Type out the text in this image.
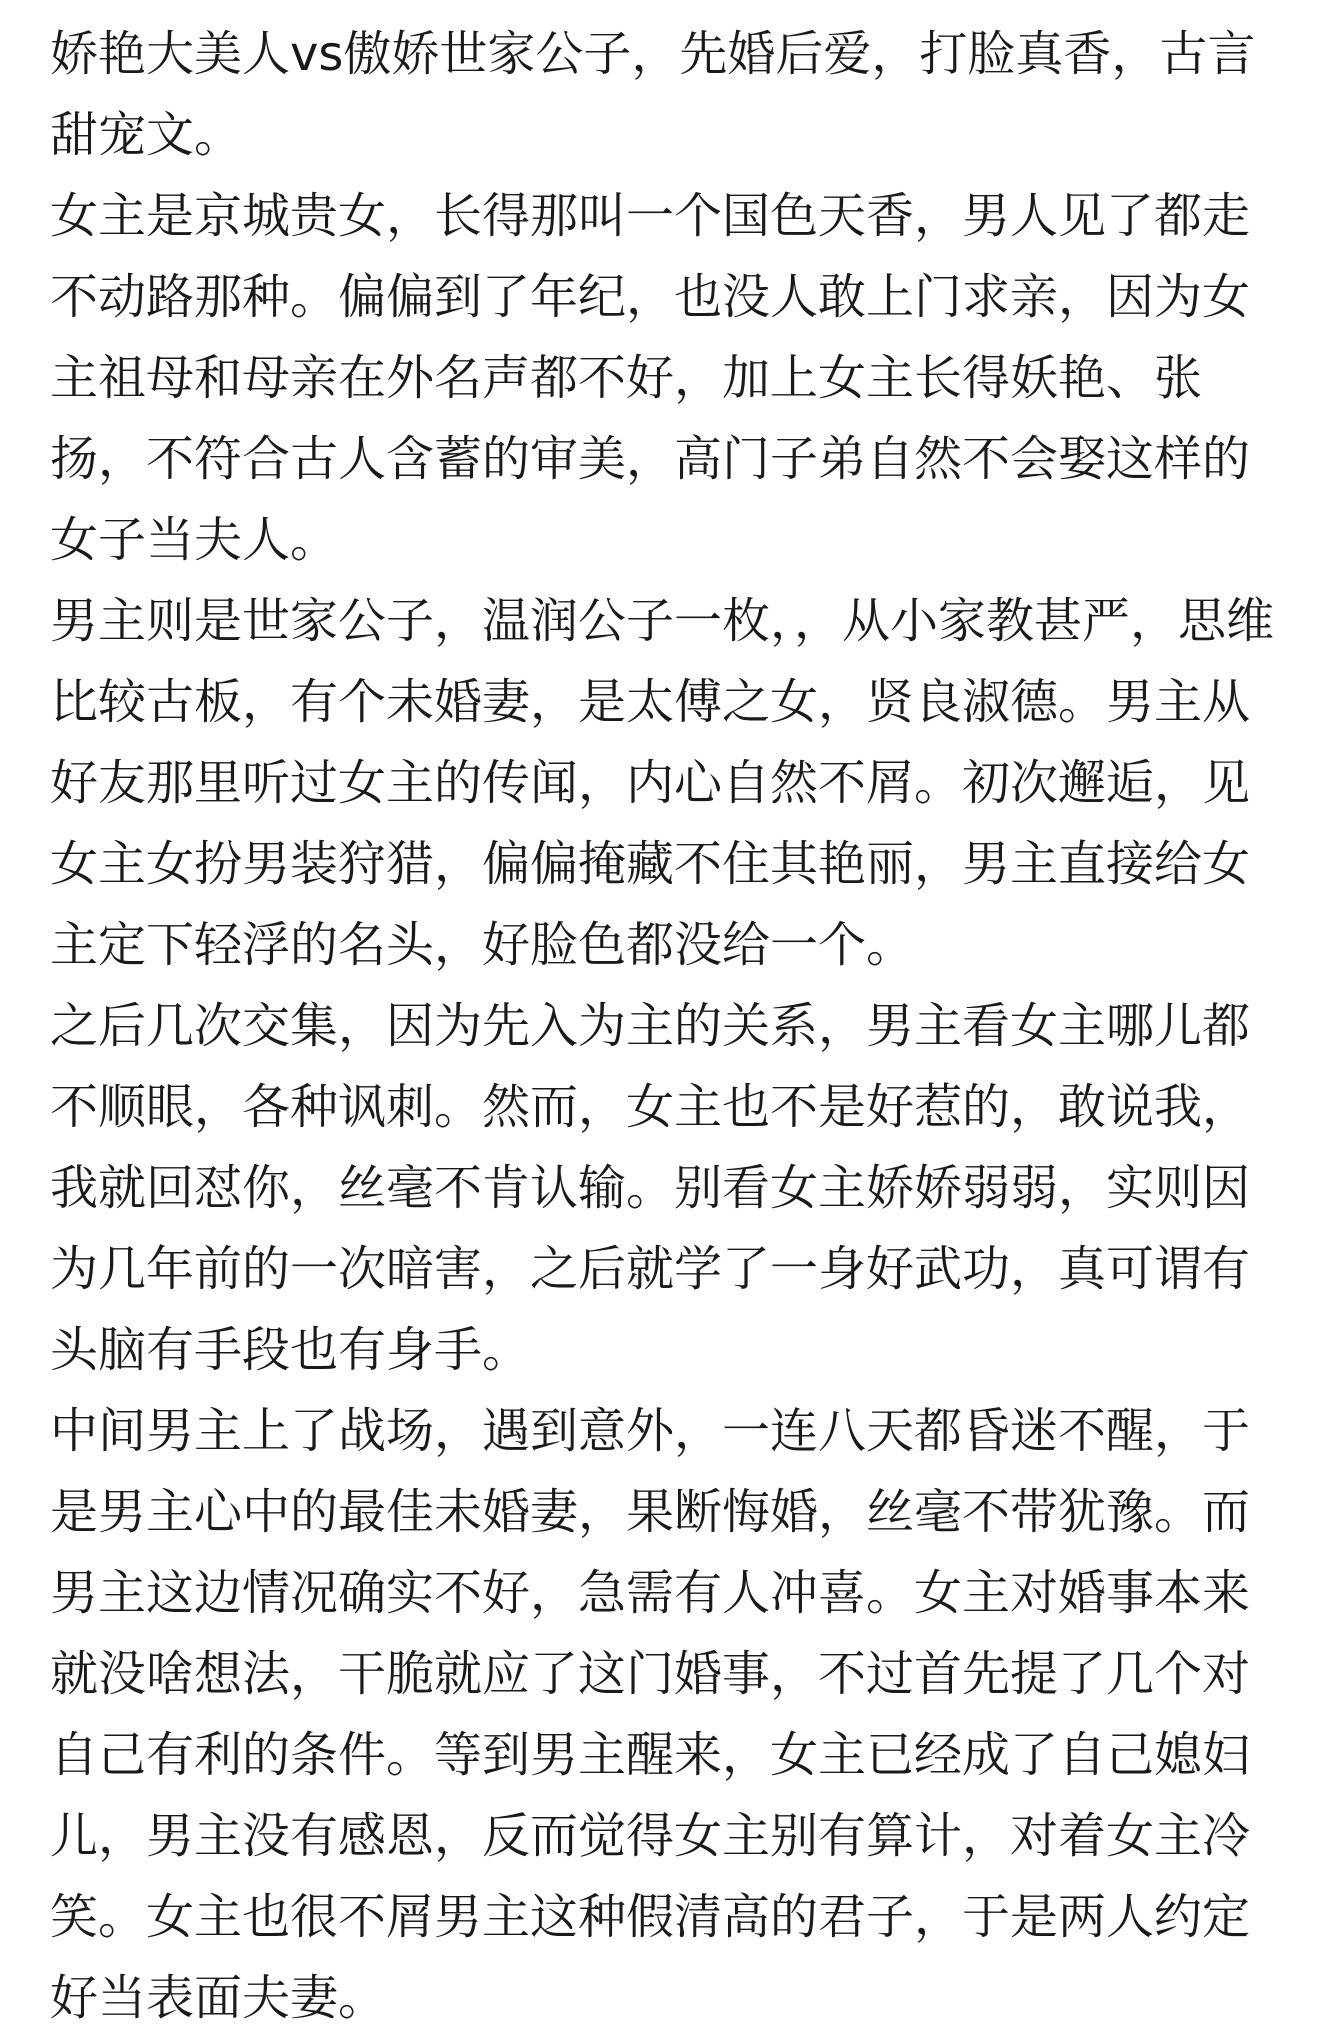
娇艳大美人vs傲娇世家公子，先婚后爱，打脸真香，古言
甜宠文。
女主是京城贵女，长得那叫一个国色天香，男人见了都走
不动路那种。偏偏到了年纪，也没人敢上门求亲，因为女
主祖母和母亲在外名声都不好，加上女主长得妖艳、张
扬，不符合古人含蓄的审美，高门子弟自然不会娶这样的
女子当夫人。
男主则是世家公子，温润公子一枚，，从小家教甚严，思维
比较古板，有个未婚妻，是太傅之女，贤良淑德。男主从
好友那里听过女主的传闻，内心自然不屑。初次邂逅，见
女主女扮男装狩猎，偏偏掩藏不住其艳丽，男主直接给女
主定下轻浮的名头，好脸色都没给一个。
之后几次交集，因为先入为主的关系，男主看女主哪儿都
不顺眼，各种讽刺。然而，女主也不是好惹的，敢说我，
我就回怼你，丝毫不肯认输。别看女主娇娇弱弱，实则因
为几年前的一次暗害，之后就学了一身好武功，真可谓有
头脑有手段也有身手。
中间男主上了战场，遇到意外，一连八天都昏迷不醒，于
是男主心中的最佳未婚妻，果断悔婚，丝毫不带犹豫。而
男主这边情况确实不好，急需有人冲喜。女主对婚事本来
就没啥想法，干脆就应了这门婚事，不过首先提了几个对
自己有利的条件。等到男主醒来，女主已经成了自己媳妇
儿，男主没有感恩，反而觉得女主别有算计，对着女主冷
笑。女主也很不屑男主这种假清高的君子，于是两人约定
好当表面夫妻。
